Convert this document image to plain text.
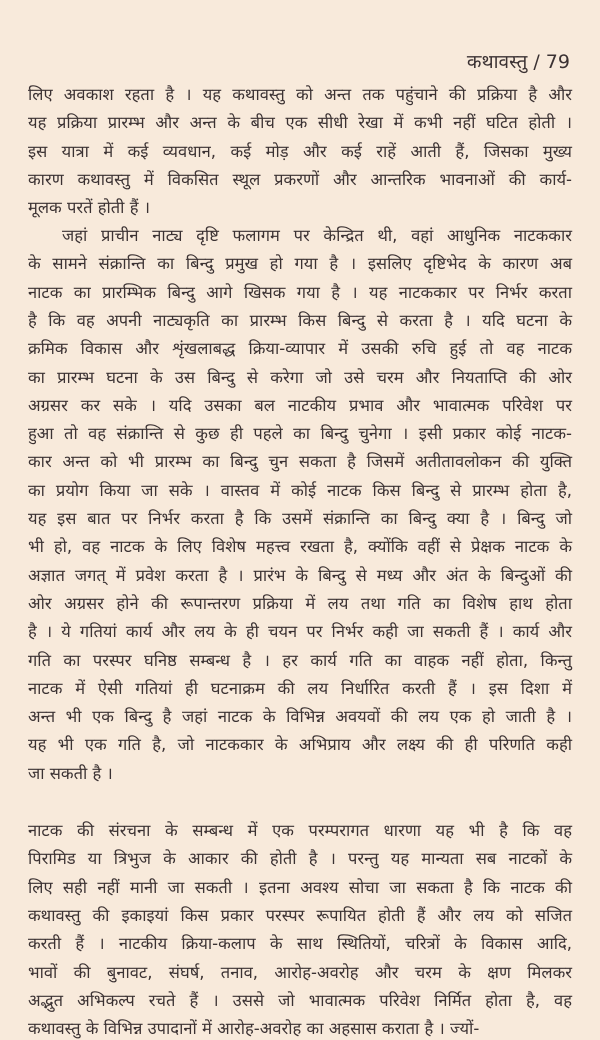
कथावस्तु / 79
लिए अवकाश रहता है । यह कथावस्तु को अन्त तक पहुंचाने की प्रक्रिया है और
यह प्रक्रिया प्रारम्भ और अन्त के बीच एक सीधी रेखा में कभी नहीं घटित होती ।
इस यात्रा में कई व्यवधान, कई मोड़ और कई राहें आती हैं, जिसका मुख्य
कारण कथावस्तु में विकसित स्थूल प्रकरणों और आन्तरिक भावनाओं की कार्य-
मूलक परतें होती हैं ।
जहां प्राचीन नाट्य दृष्टि फलागम पर केन्द्रित थी, वहां आधुनिक नाटककार
के सामने संक्रान्ति का बिन्दु प्रमुख हो गया है । इसलिए दृष्टिभेद के कारण अब
नाटक का प्रारम्भिक बिन्दु आगे खिसक गया है । यह नाटककार पर निर्भर करता
है कि वह अपनी नाट्यकृति का प्रारम्भ किस बिन्दु से करता है । यदि घटना के
क्रमिक विकास और शृंखलाबद्ध क्रिया-व्यापार में उसकी रुचि हुई तो वह नाटक
का प्रारम्भ घटना के उस बिन्दु से करेगा जो उसे चरम और नियताप्ति की ओर
अग्रसर कर सके । यदि उसका बल नाटकीय प्रभाव और भावात्मक परिवेश पर
हुआ तो वह संक्रान्ति से कुछ ही पहले का बिन्दु चुनेगा । इसी प्रकार कोई नाटक-
कार अन्त को भी प्रारम्भ का बिन्दु चुन सकता है जिसमें अतीतावलोकन की युक्ति
का प्रयोग किया जा सके । वास्तव में कोई नाटक किस बिन्दु से प्रारम्भ होता है,
यह इस बात पर निर्भर करता है कि उसमें संक्रान्ति का बिन्दु क्या है । बिन्दु जो
भी हो, वह नाटक के लिए विशेष महत्त्व रखता है, क्योंकि वहीं से प्रेक्षक नाटक के
अज्ञात जगत् में प्रवेश करता है । प्रारंभ के बिन्दु से मध्य और अंत के बिन्दुओं की
ओर अग्रसर होने की रूपान्तरण प्रक्रिया में लय तथा गति का विशेष हाथ होता
है । ये गतियां कार्य और लय के ही चयन पर निर्भर कही जा सकती हैं । कार्य और
गति का परस्पर घनिष्ठ सम्बन्ध है । हर कार्य गति का वाहक नहीं होता, किन्तु
नाटक में ऐसी गतियां ही घटनाक्रम की लय निर्धारित करती हैं । इस दिशा में
अन्त भी एक बिन्दु है जहां नाटक के विभिन्न अवयवों की लय एक हो जाती है ।
यह भी एक गति है, जो नाटककार के अभिप्राय और लक्ष्य की ही परिणति कही
जा सकती है ।
नाटक की संरचना के सम्बन्ध में एक परम्परागत धारणा यह भी है कि वह
पिरामिड या त्रिभुज के आकार की होती है । परन्तु यह मान्यता सब नाटकों के
लिए सही नहीं मानी जा सकती । इतना अवश्य सोचा जा सकता है कि नाटक की
कथावस्तु की इकाइयां किस प्रकार परस्पर रूपायित होती हैं और लय को सजित
करती हैं । नाटकीय क्रिया-कलाप के साथ स्थितियों, चरित्रों के विकास आदि,
भावों की बुनावट, संघर्ष, तनाव, आरोह-अवरोह और चरम के क्षण मिलकर
अद्भुत अभिकल्प रचते हैं । उससे जो भावात्मक परिवेश निर्मित होता है, वह
कथावस्तु के विभिन्न उपादानों में आरोह-अवरोह का अहसास कराता है । ज्यों-
